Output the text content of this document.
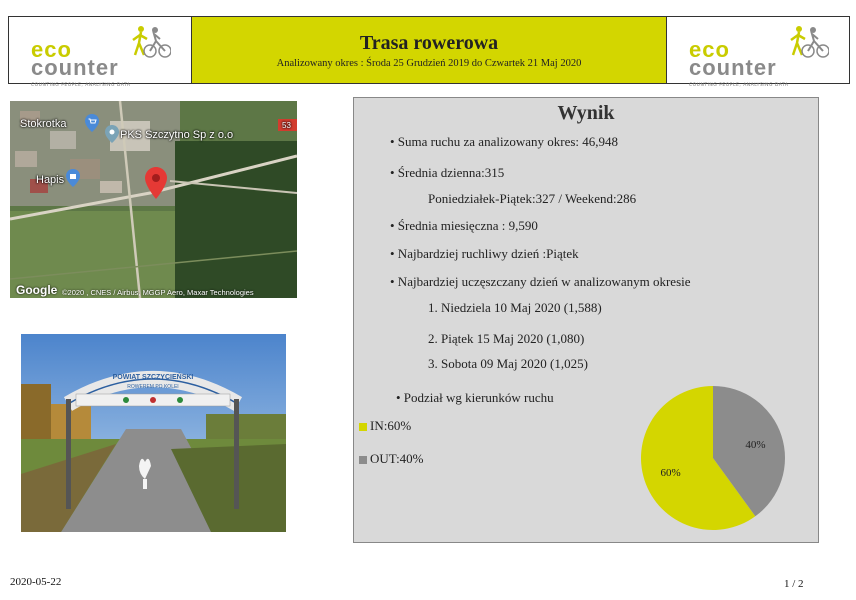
eco
counter
COUNTING PEOPLE, ANALYSING DATA
Trasa rowerowa
Analizowany okres : Środa 25 Grudzień 2019 do Czwartek 21 Maj 2020
eco
counter
COUNTING PEOPLE, ANALYSING DATA
Stokrotka
PKS Szczytno Sp z o.o
Hapis
53
Google ©2020 , CNES / Airbus, MGGP Aero, Maxar Technologies
POWIAT SZCZYCIEŃSKI
ROWEREM PO KOLEI
Wynik
• Suma ruchu za analizowany okres: 46,948
• Średnia dzienna:315
Poniedziałek-Piątek:327 / Weekend:286
• Średnia miesięczna : 9,590
• Najbardziej ruchliwy dzień :Piątek
• Najbardziej uczęszczany dzień w analizowanym okresie
1. Niedziela 10 Maj 2020 (1,588)
2. Piątek 15 Maj 2020 (1,080)
3. Sobota 09 Maj 2020 (1,025)
• Podział wg kierunków ruchu
IN:60%
OUT:40%
60%
40%
2020-05-22	1 / 2
